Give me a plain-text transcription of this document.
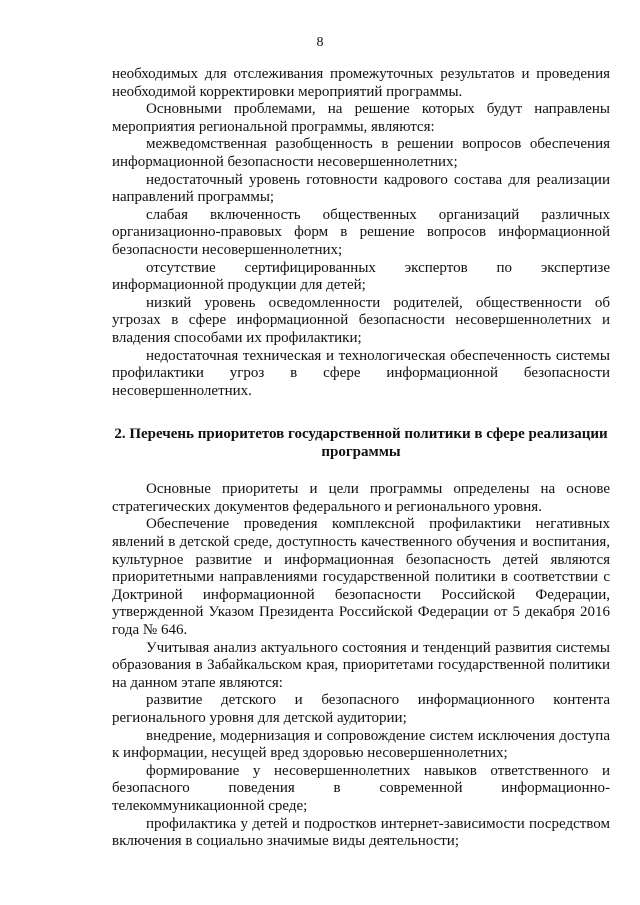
8

необходимых для отслеживания промежуточных результатов и проведения необходимой корректировки мероприятий программы.

Основными проблемами, на решение которых будут направлены мероприятия региональной программы, являются:

межведомственная разобщенность в решении вопросов обеспечения информационной безопасности несовершеннолетних;

недостаточный уровень готовности кадрового состава для реализации направлений программы;

слабая включенность общественных организаций различных организационно-правовых форм в решение вопросов информационной безопасности несовершеннолетних;

отсутствие сертифицированных экспертов по экспертизе информационной продукции для детей;

низкий уровень осведомленности родителей, общественности об угрозах в сфере информационной безопасности несовершеннолетних и владения способами их профилактики;

недостаточная техническая и технологическая обеспеченность системы профилактики угроз в сфере информационной безопасности несовершеннолетних.

2. Перечень приоритетов государственной политики в сфере реализации программы

Основные приоритеты и цели программы определены на основе стратегических документов федерального и регионального уровня.

Обеспечение проведения комплексной профилактики негативных явлений в детской среде, доступность качественного обучения и воспитания, культурное развитие и информационная безопасность детей являются приоритетными направлениями государственной политики в соответствии с Доктриной информационной безопасности Российской Федерации, утвержденной Указом Президента Российской Федерации от 5 декабря 2016 года № 646.

Учитывая анализ актуального состояния и тенденций развития системы образования в Забайкальском края, приоритетами государственной политики на данном этапе являются:

развитие детского и безопасного информационного контента регионального уровня для детской аудитории;

внедрение, модернизация и сопровождение систем исключения доступа к информации, несущей вред здоровью несовершеннолетних;

формирование у несовершеннолетних навыков ответственного и безопасного поведения в современной информационно-телекоммуникационной среде;

профилактика у детей и подростков интернет-зависимости посредством включения в социально значимые виды деятельности;
